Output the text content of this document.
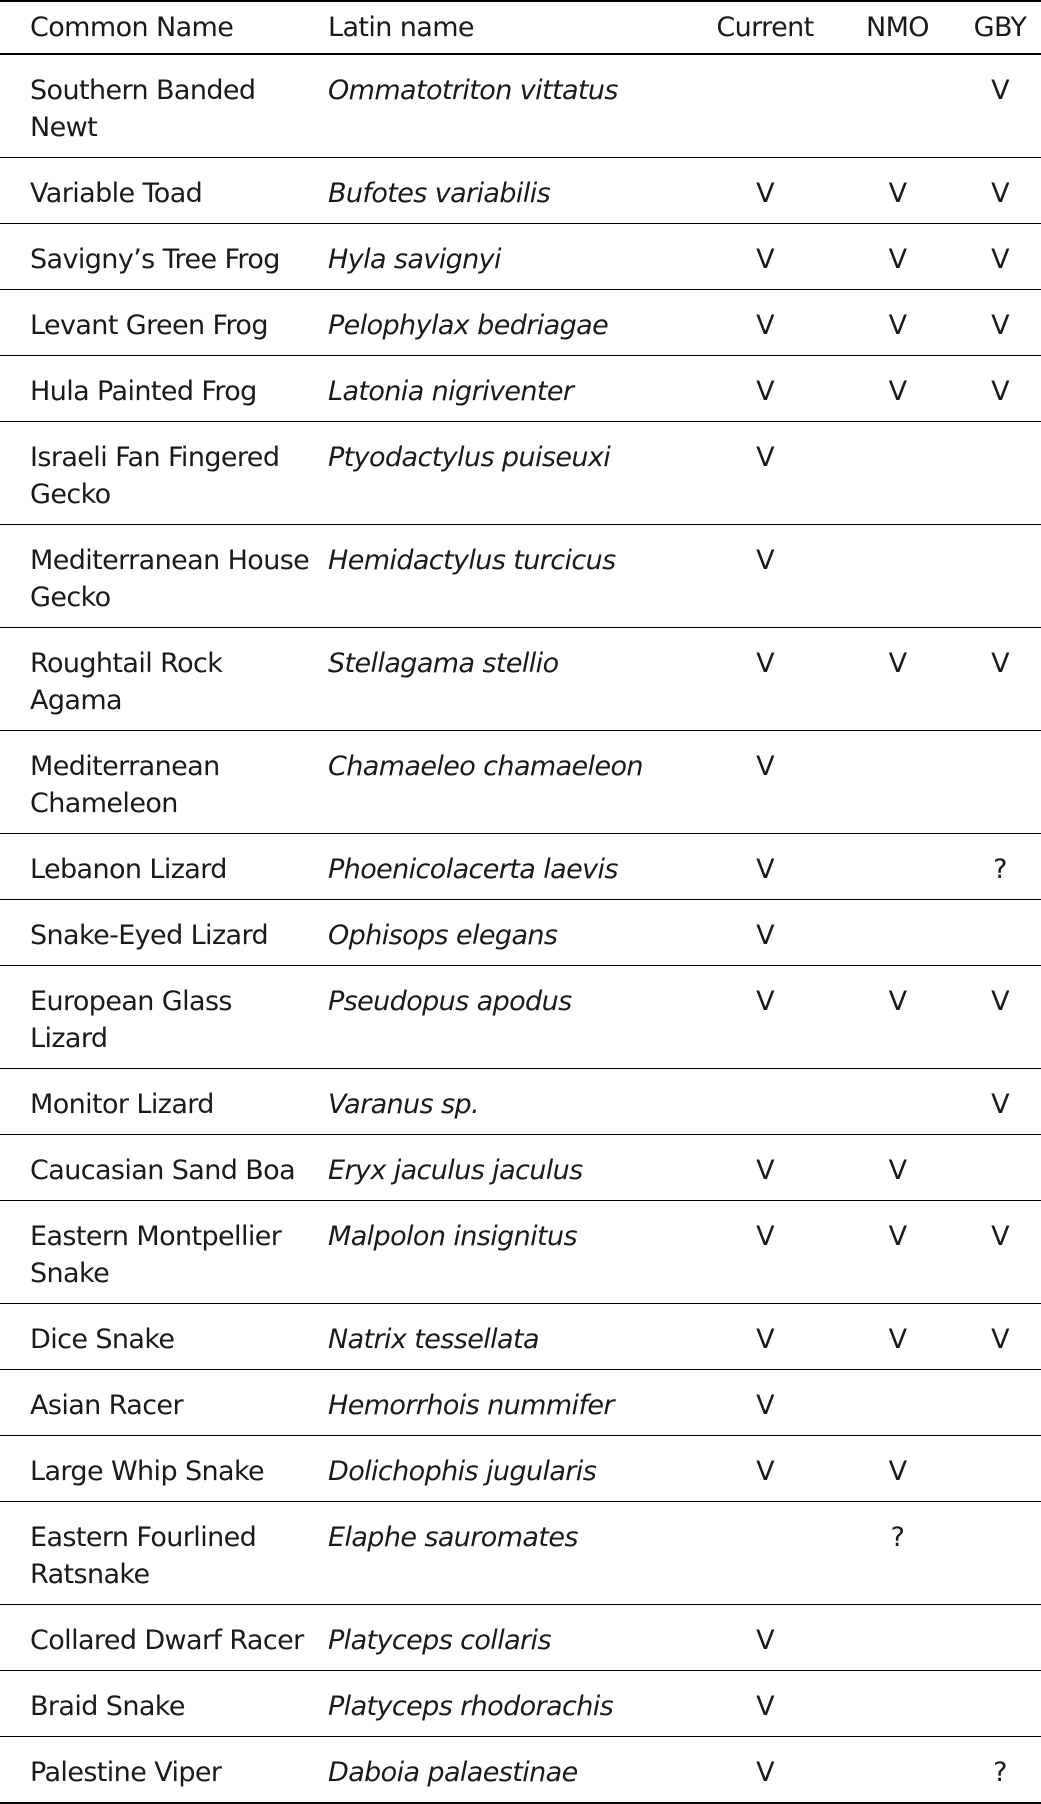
Common Name	Latin name	Current	NMO	GBY
Southern Banded Newt	Ommatotriton vittatus			V
Variable Toad	Bufotes variabilis	V	V	V
Savigny’s Tree Frog	Hyla savignyi	V	V	V
Levant Green Frog	Pelophylax bedriagae	V	V	V
Hula Painted Frog	Latonia nigriventer	V	V	V
Israeli Fan Fingered Gecko	Ptyodactylus puiseuxi	V		
Mediterranean House Gecko	Hemidactylus turcicus	V		
Roughtail Rock Agama	Stellagama stellio	V	V	V
Mediterranean Chameleon	Chamaeleo chamaeleon	V		
Lebanon Lizard	Phoenicolacerta laevis	V		?
Snake-Eyed Lizard	Ophisops elegans	V		
European Glass Lizard	Pseudopus apodus	V	V	V
Monitor Lizard	Varanus sp.			V
Caucasian Sand Boa	Eryx jaculus jaculus	V	V	
Eastern Montpellier Snake	Malpolon insignitus	V	V	V
Dice Snake	Natrix tessellata	V	V	V
Asian Racer	Hemorrhois nummifer	V		
Large Whip Snake	Dolichophis jugularis	V	V	
Eastern Fourlined Ratsnake	Elaphe sauromates		?	
Collared Dwarf Racer	Platyceps collaris	V		
Braid Snake	Platyceps rhodorachis	V		
Palestine Viper	Daboia palaestinae	V		?
